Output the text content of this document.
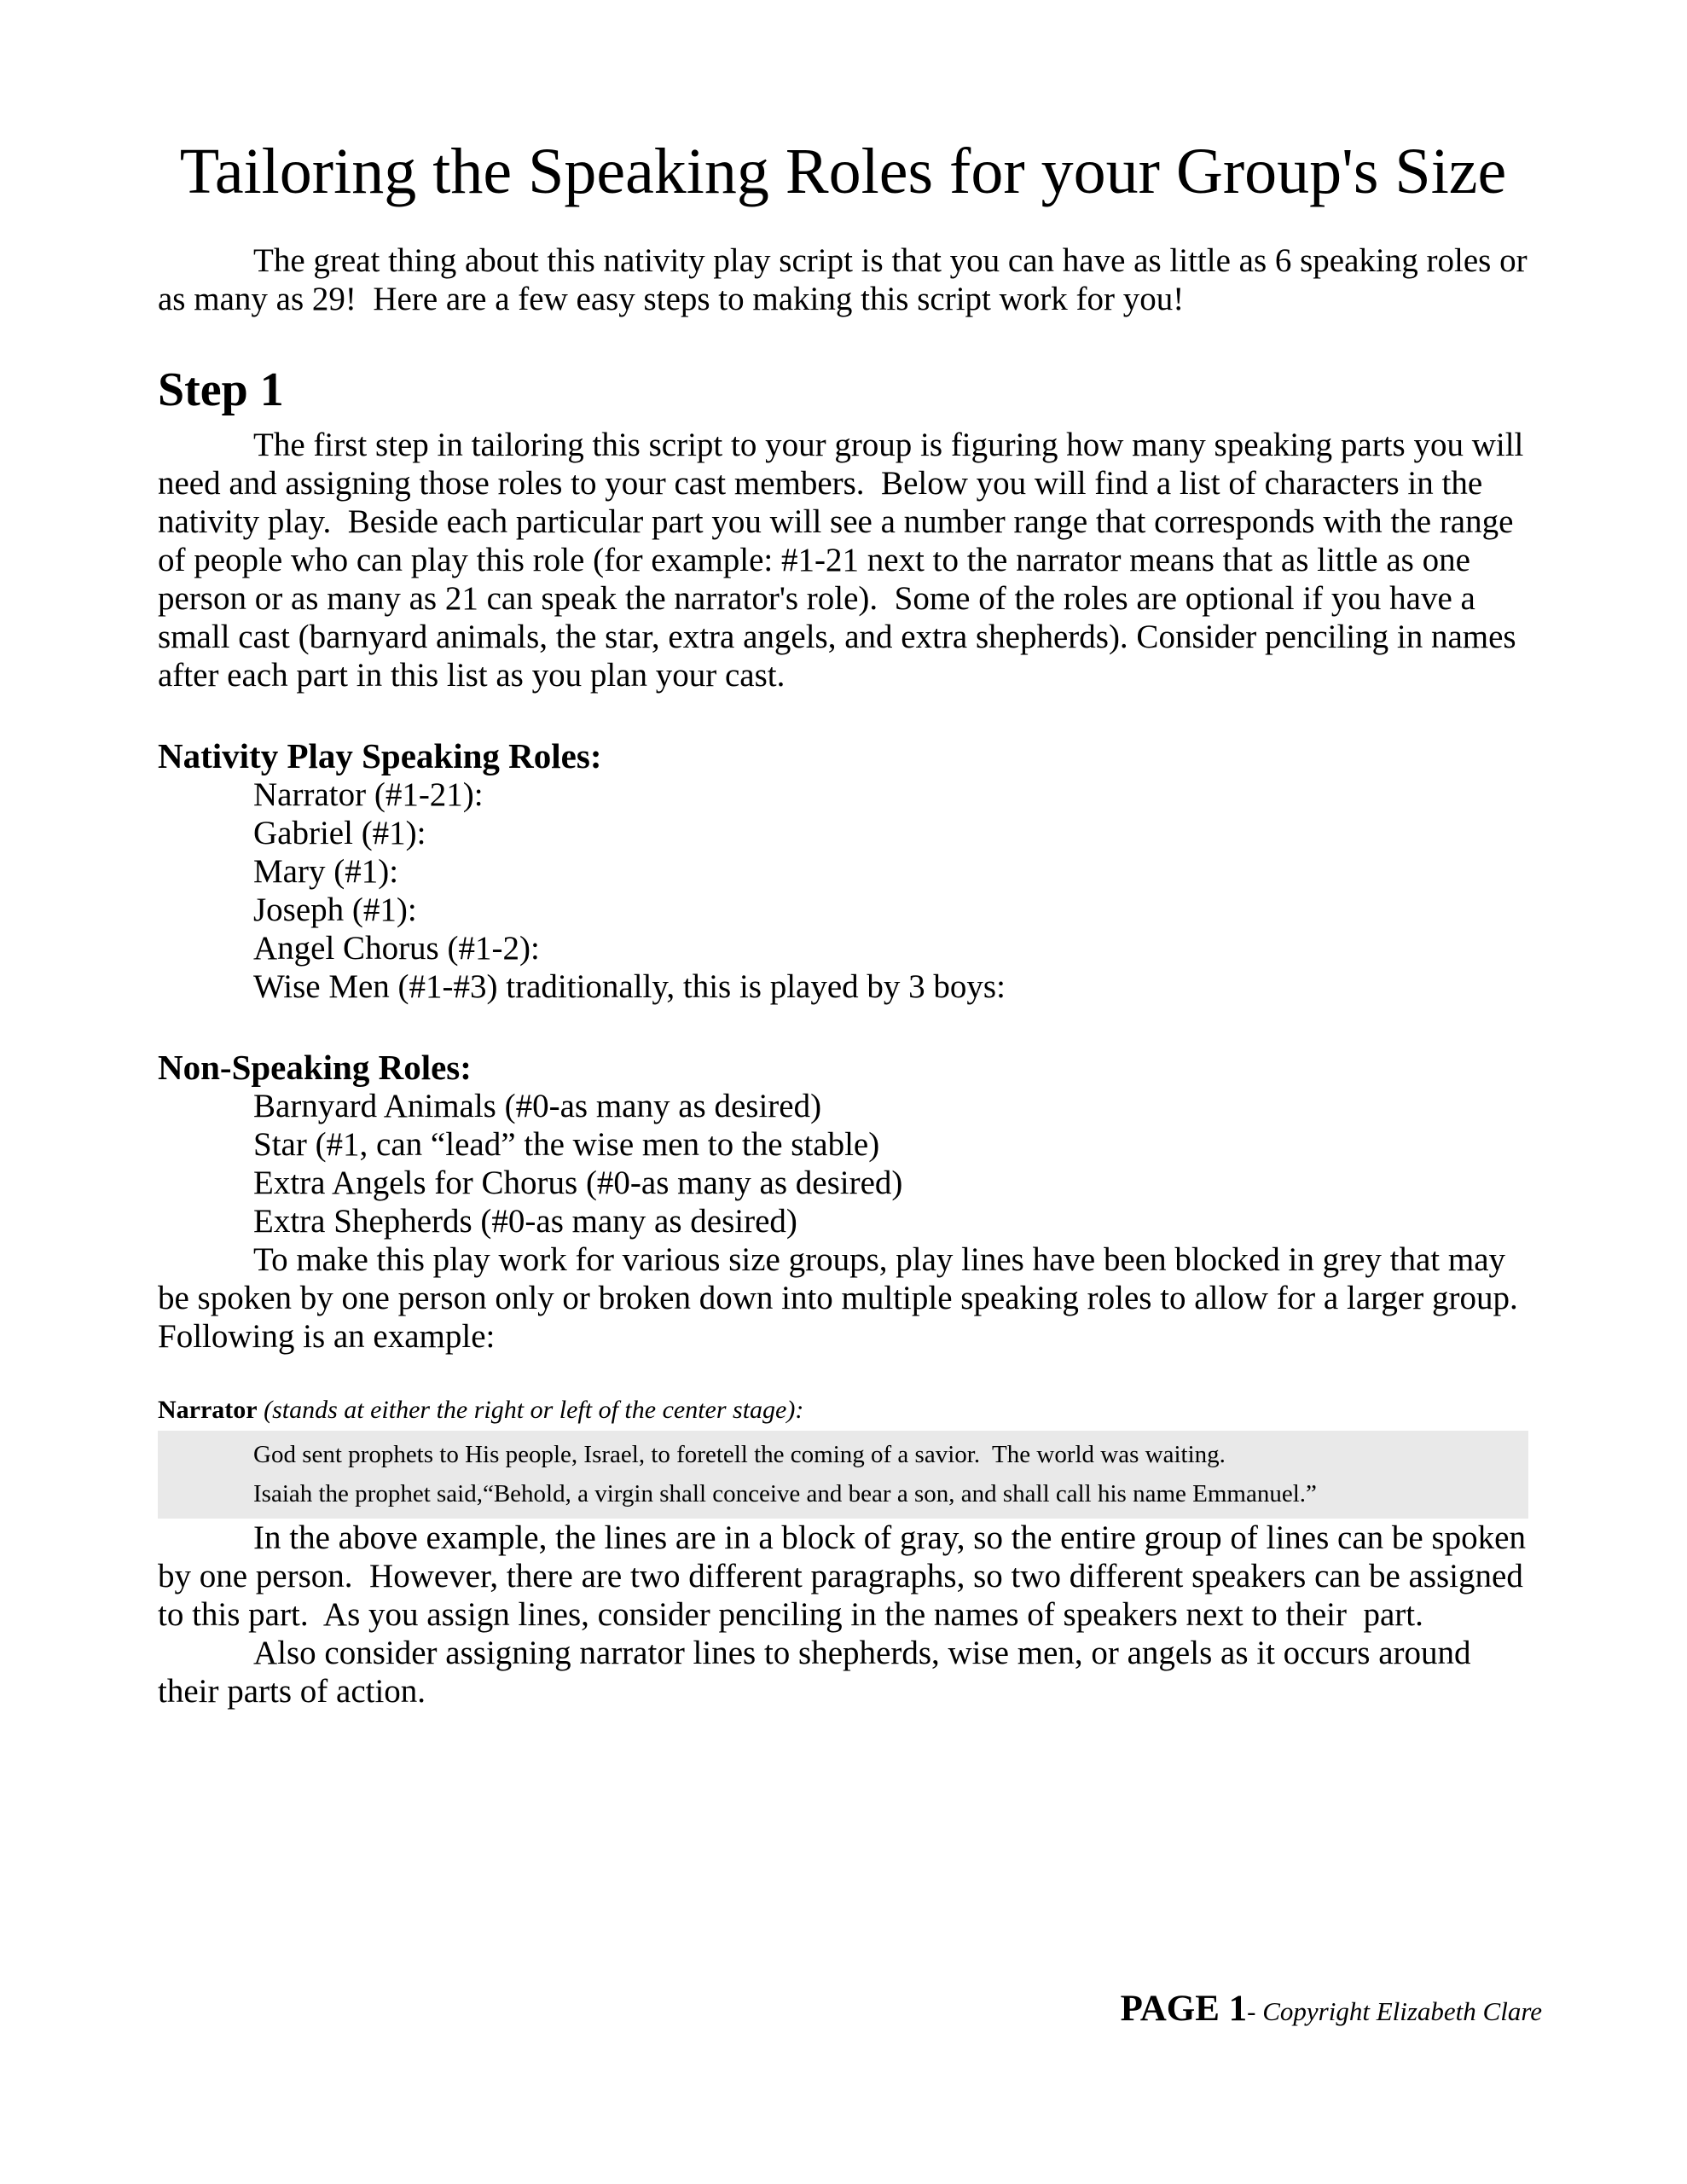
Tailoring the Speaking Roles for your Group's Size

The great thing about this nativity play script is that you can have as little as 6 speaking roles or as many as 29!  Here are a few easy steps to making this script work for you!

Step 1

The first step in tailoring this script to your group is figuring how many speaking parts you will need and assigning those roles to your cast members.  Below you will find a list of characters in the nativity play.  Beside each particular part you will see a number range that corresponds with the range of people who can play this role (for example: #1-21 next to the narrator means that as little as one person or as many as 21 can speak the narrator's role).  Some of the roles are optional if you have a small cast (barnyard animals, the star, extra angels, and extra shepherds). Consider penciling in names after each part in this list as you plan your cast.

Nativity Play Speaking Roles:
Narrator (#1-21):
Gabriel (#1):
Mary (#1):
Joseph (#1):
Angel Chorus (#1-2):
Wise Men (#1-#3) traditionally, this is played by 3 boys:
Non-Speaking Roles:
Barnyard Animals (#0-as many as desired)
Star (#1, can “lead” the wise men to the stable)
Extra Angels for Chorus (#0-as many as desired)
Extra Shepherds (#0-as many as desired)

To make this play work for various size groups, play lines have been blocked in grey that may be spoken by one person only or broken down into multiple speaking roles to allow for a larger group.  Following is an example:

Narrator (stands at either the right or left of the center stage):

God sent prophets to His people, Israel, to foretell the coming of a savior.  The world was waiting.

Isaiah the prophet said,“Behold, a virgin shall conceive and bear a son, and shall call his name Emmanuel.”

In the above example, the lines are in a block of gray, so the entire group of lines can be spoken by one person.  However, there are two different paragraphs, so two different speakers can be assigned to this part.  As you assign lines, consider penciling in the names of speakers next to their  part.

Also consider assigning narrator lines to shepherds, wise men, or angels as it occurs around their parts of action.

PAGE 1- Copyright Elizabeth Clare
